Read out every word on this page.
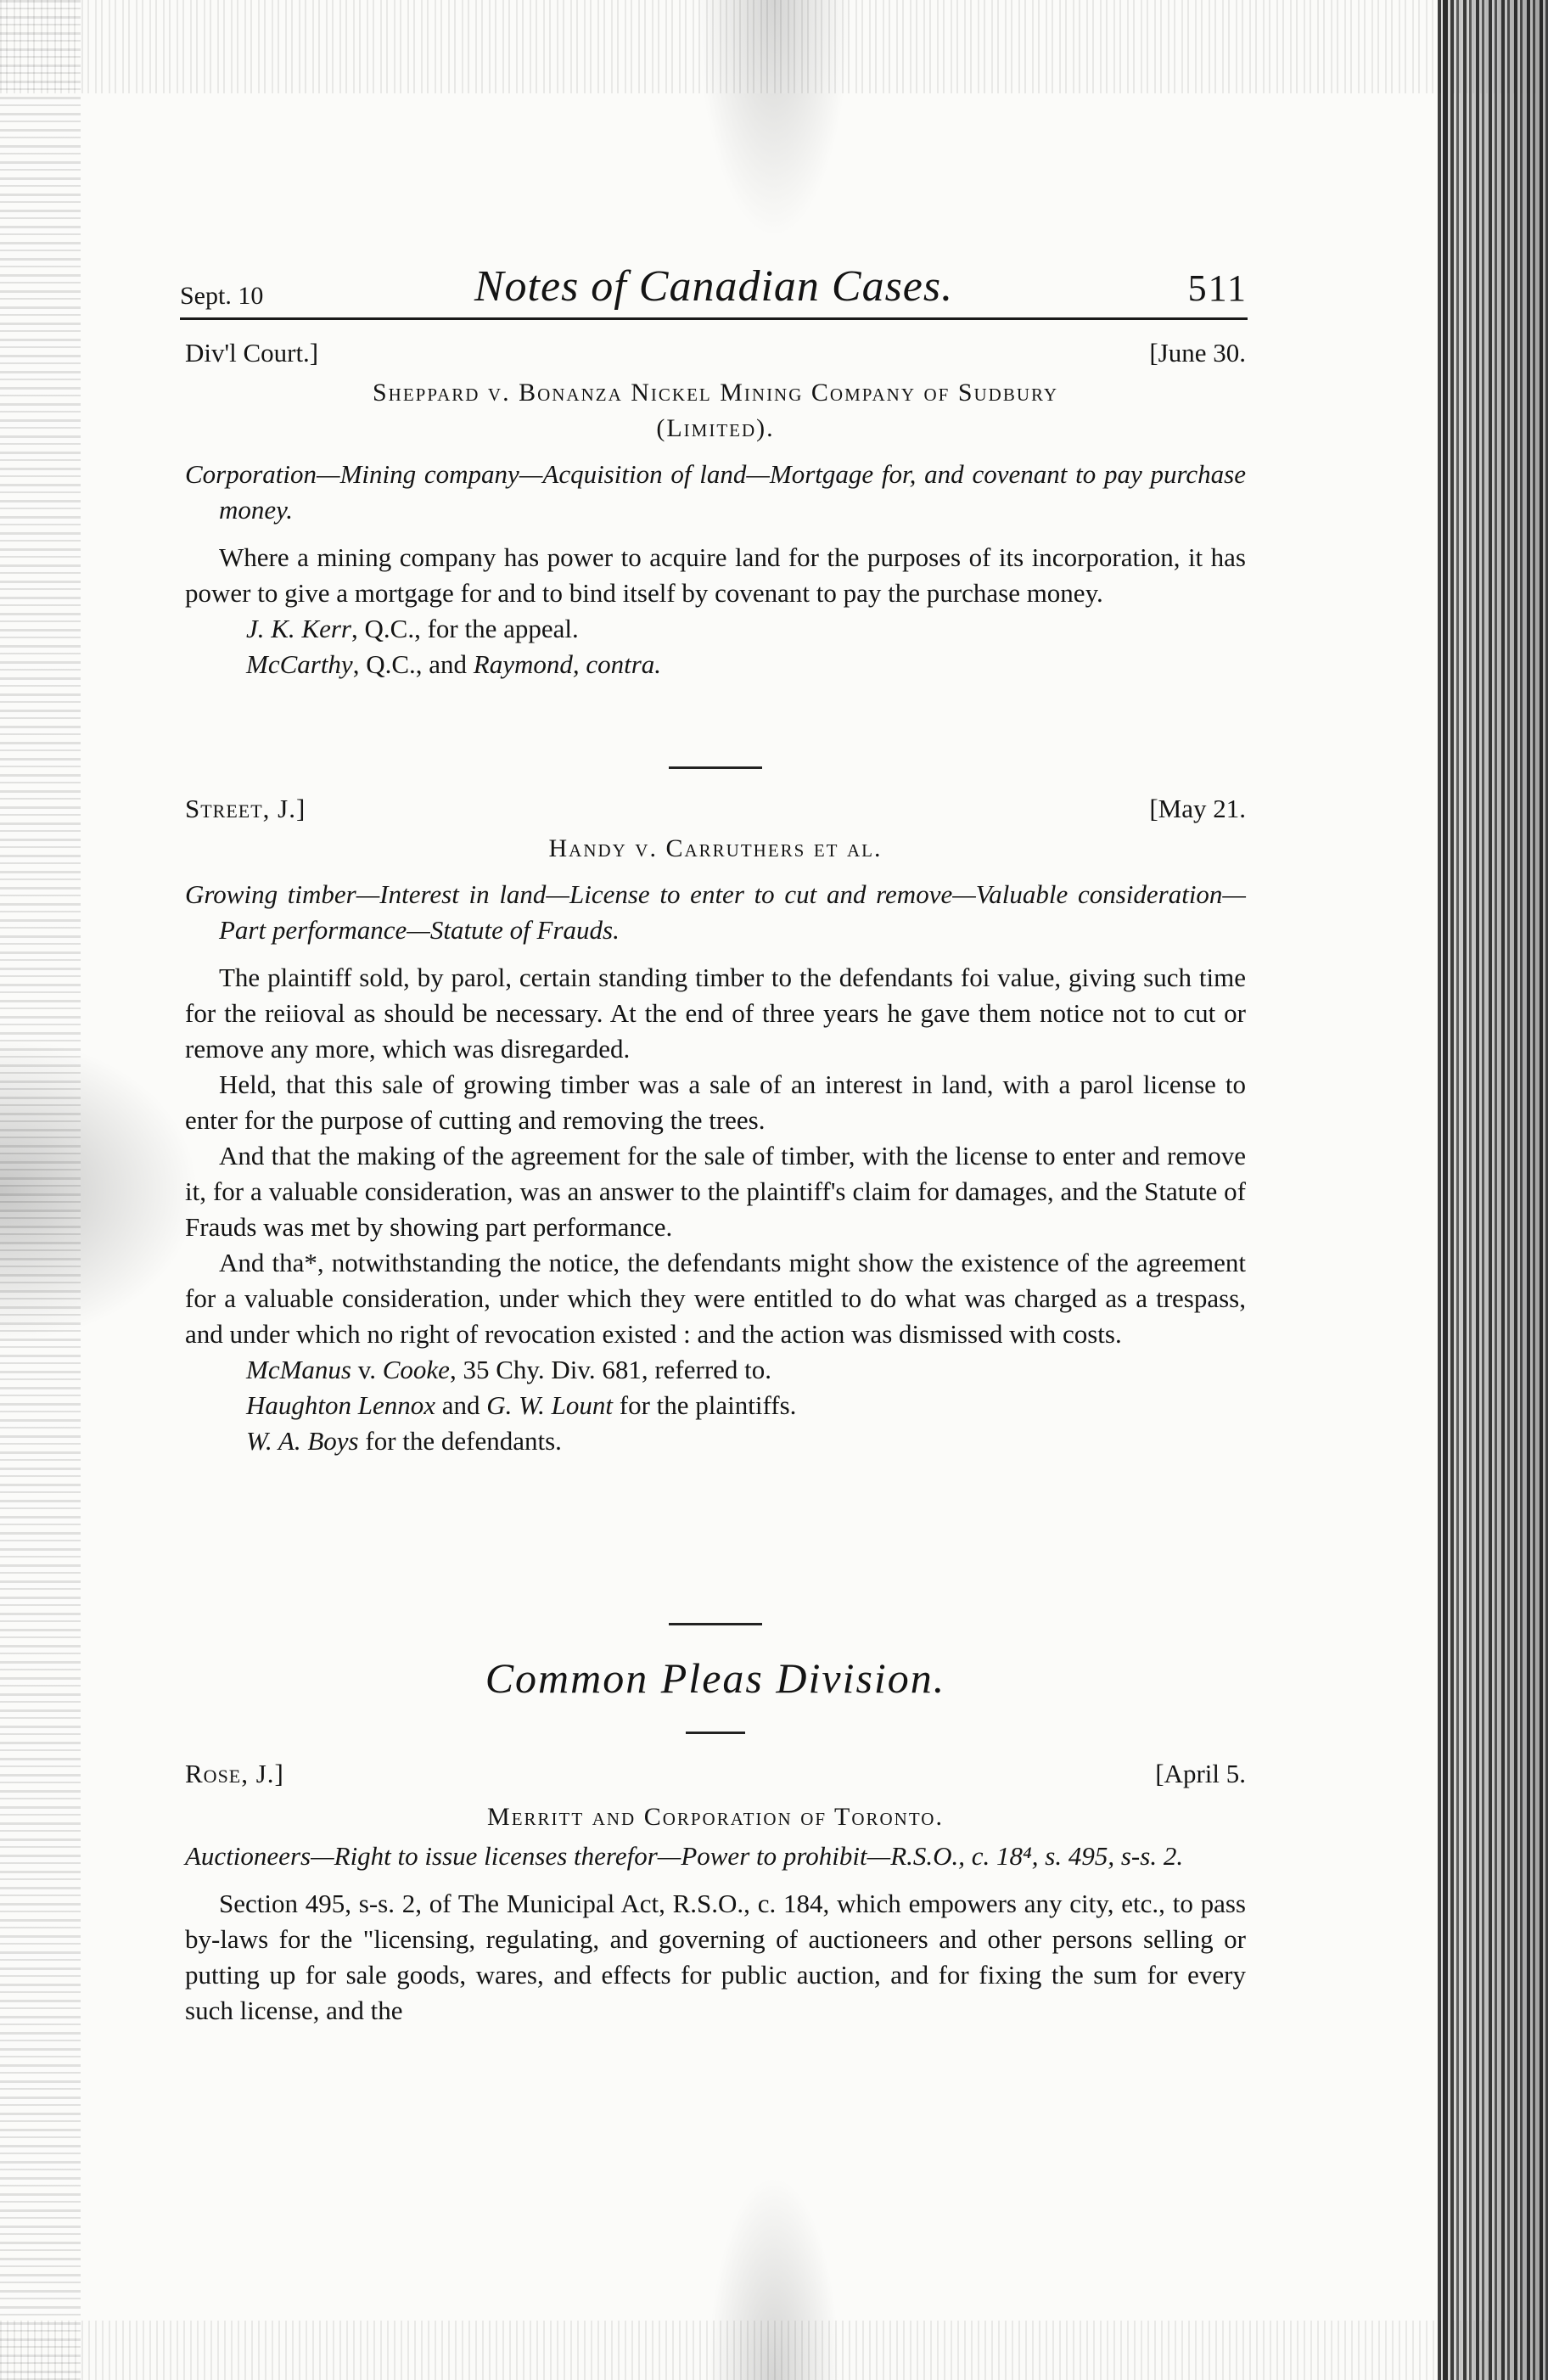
Sept. 10	Notes of Canadian Cases.	511
Div'l Court.]	[June 30.
Sheppard v. Bonanza Nickel Mining Company of Sudbury
(Limited).
Corporation—Mining company—Acquisition of land—Mortgage for, and covenant to pay purchase money.
Where a mining company has power to acquire land for the purposes of its incorporation, it has power to give a mortgage for and to bind itself by covenant to pay the purchase money.
J. K. Kerr, Q.C., for the appeal.
McCarthy, Q.C., and Raymond, contra.
Street, J.]	[May 21.
Handy v. Carruthers et al.
Growing timber—Interest in land—License to enter to cut and remove—Valuable consideration—Part performance—Statute of Frauds.
The plaintiff sold, by parol, certain standing timber to the defendants foi value, giving such time for the reiioval as should be necessary. At the end of three years he gave them notice not to cut or remove any more, which was disregarded.
Held, that this sale of growing timber was a sale of an interest in land, with a parol license to enter for the purpose of cutting and removing the trees.
And that the making of the agreement for the sale of timber, with the license to enter and remove it, for a valuable consideration, was an answer to the plaintiff's claim for damages, and the Statute of Frauds was met by showing part performance.
And tha*, notwithstanding the notice, the defendants might show the existence of the agreement for a valuable consideration, under which they were entitled to do what was charged as a trespass, and under which no right of revocation existed : and the action was dismissed with costs.
McManus v. Cooke, 35 Chy. Div. 681, referred to.
Haughton Lennox and G. W. Lount for the plaintiffs.
W. A. Boys for the defendants.
Common Pleas Division.
Rose, J.]	[April 5.
Merritt and Corporation of Toronto.
Auctioneers—Right to issue licenses therefor—Power to prohibit—R.S.O., c. 18⁴, s. 495, s-s. 2.
Section 495, s-s. 2, of The Municipal Act, R.S.O., c. 184, which empowers any city, etc., to pass by-laws for the "licensing, regulating, and governing of auctioneers and other persons selling or putting up for sale goods, wares, and effects for public auction, and for fixing the sum for every such license, and the
